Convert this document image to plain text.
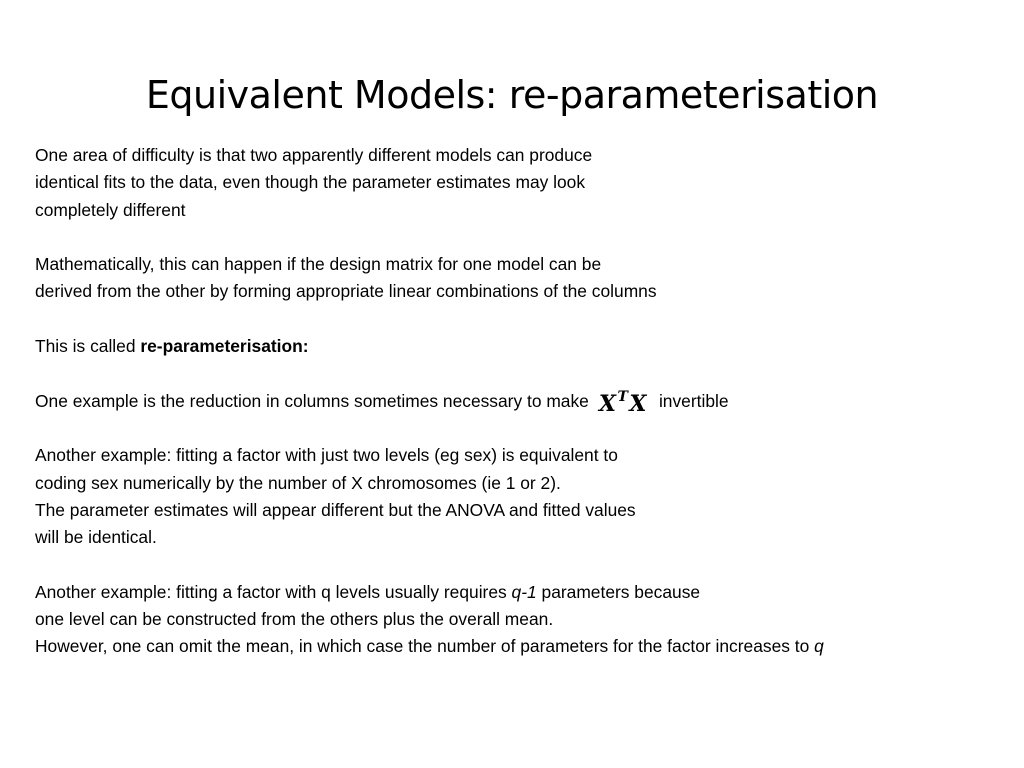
Equivalent Models: re-parameterisation
One area of difficulty is that two apparently different models can produce
identical fits to the data, even though the parameter estimates may look
completely different
Mathematically, this can happen if the design matrix for one model can be
derived from the other by forming appropriate linear combinations of the columns
This is called re-parameterisation:
One example is the reduction in columns sometimes necessary to make $X^TX$ invertible
Another example: fitting a factor with just two levels (eg sex) is equivalent to
coding sex numerically by the number of X chromosomes (ie 1 or 2).
The parameter estimates will appear different but the ANOVA and fitted values
will be identical.
Another example: fitting a factor with q levels usually requires q-1 parameters because
one level can be constructed from the others plus the overall mean.
However, one can omit the mean, in which case the number of parameters for the factor increases to q
